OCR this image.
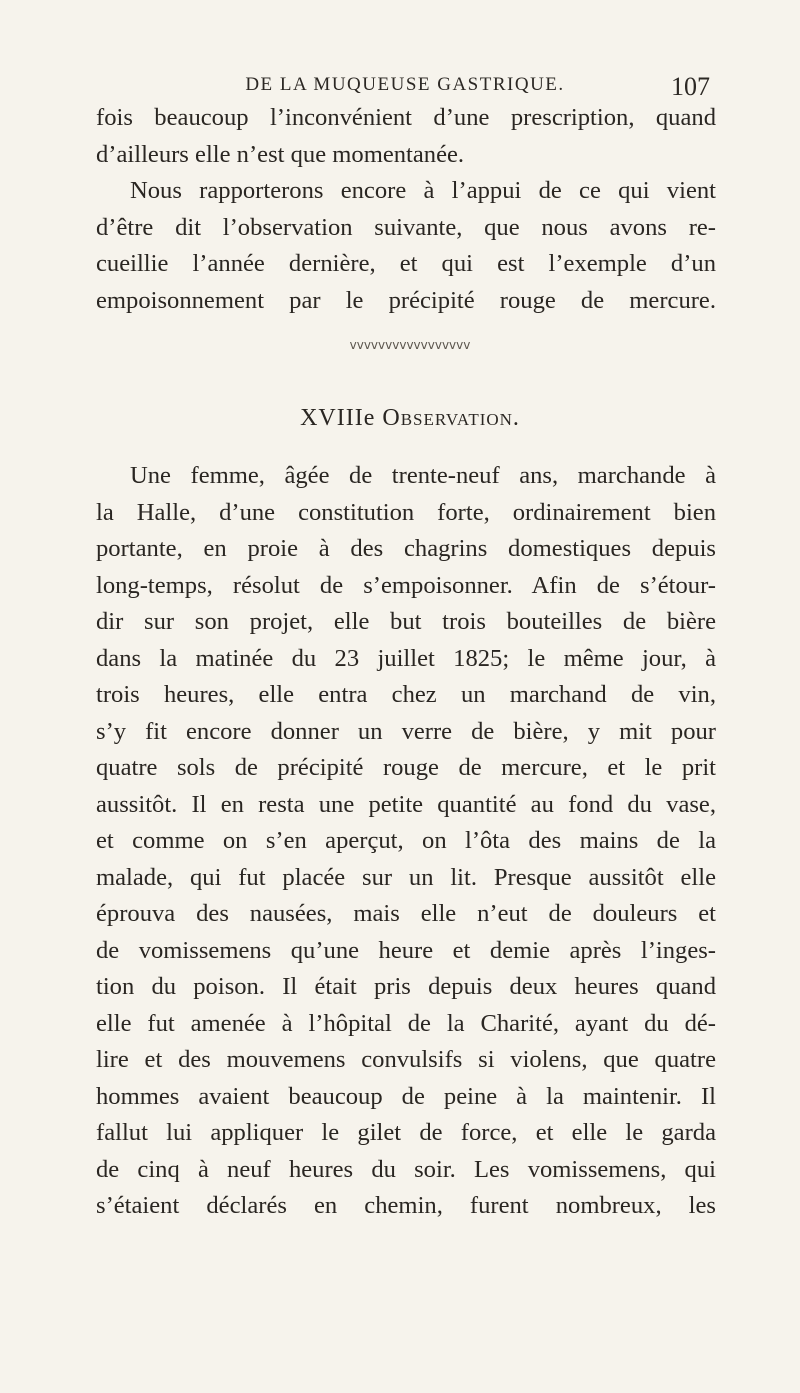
DE LA MUQUEUSE GASTRIQUE.	107
fois beaucoup l’inconvénient d’une prescription, quand
d’ailleurs elle n’est que momentanée.
Nous rapporterons encore à l’appui de ce qui vient
d’être dit l’observation suivante, que nous avons re-
cueillie l’année dernière, et qui est l’exemple d’un
empoisonnement par le précipité rouge de mercure.
vvvvvvvvvvvvvvvvv
XVIIIe Observation.
Une femme, âgée de trente-neuf ans, marchande à
la Halle, d’une constitution forte, ordinairement bien
portante, en proie à des chagrins domestiques depuis
long-temps, résolut de s’empoisonner. Afin de s’étour-
dir sur son projet, elle but trois bouteilles de bière
dans la matinée du 23 juillet 1825; le même jour, à
trois heures, elle entra chez un marchand de vin,
s’y fit encore donner un verre de bière, y mit pour
quatre sols de précipité rouge de mercure, et le prit
aussitôt. Il en resta une petite quantité au fond du vase,
et comme on s’en aperçut, on l’ôta des mains de la
malade, qui fut placée sur un lit. Presque aussitôt elle
éprouva des nausées, mais elle n’eut de douleurs et
de vomissemens qu’une heure et demie après l’inges-
tion du poison. Il était pris depuis deux heures quand
elle fut amenée à l’hôpital de la Charité, ayant du dé-
lire et des mouvemens convulsifs si violens, que quatre
hommes avaient beaucoup de peine à la maintenir. Il
fallut lui appliquer le gilet de force, et elle le garda
de cinq à neuf heures du soir. Les vomissemens, qui
s’étaient déclarés en chemin, furent nombreux, les
